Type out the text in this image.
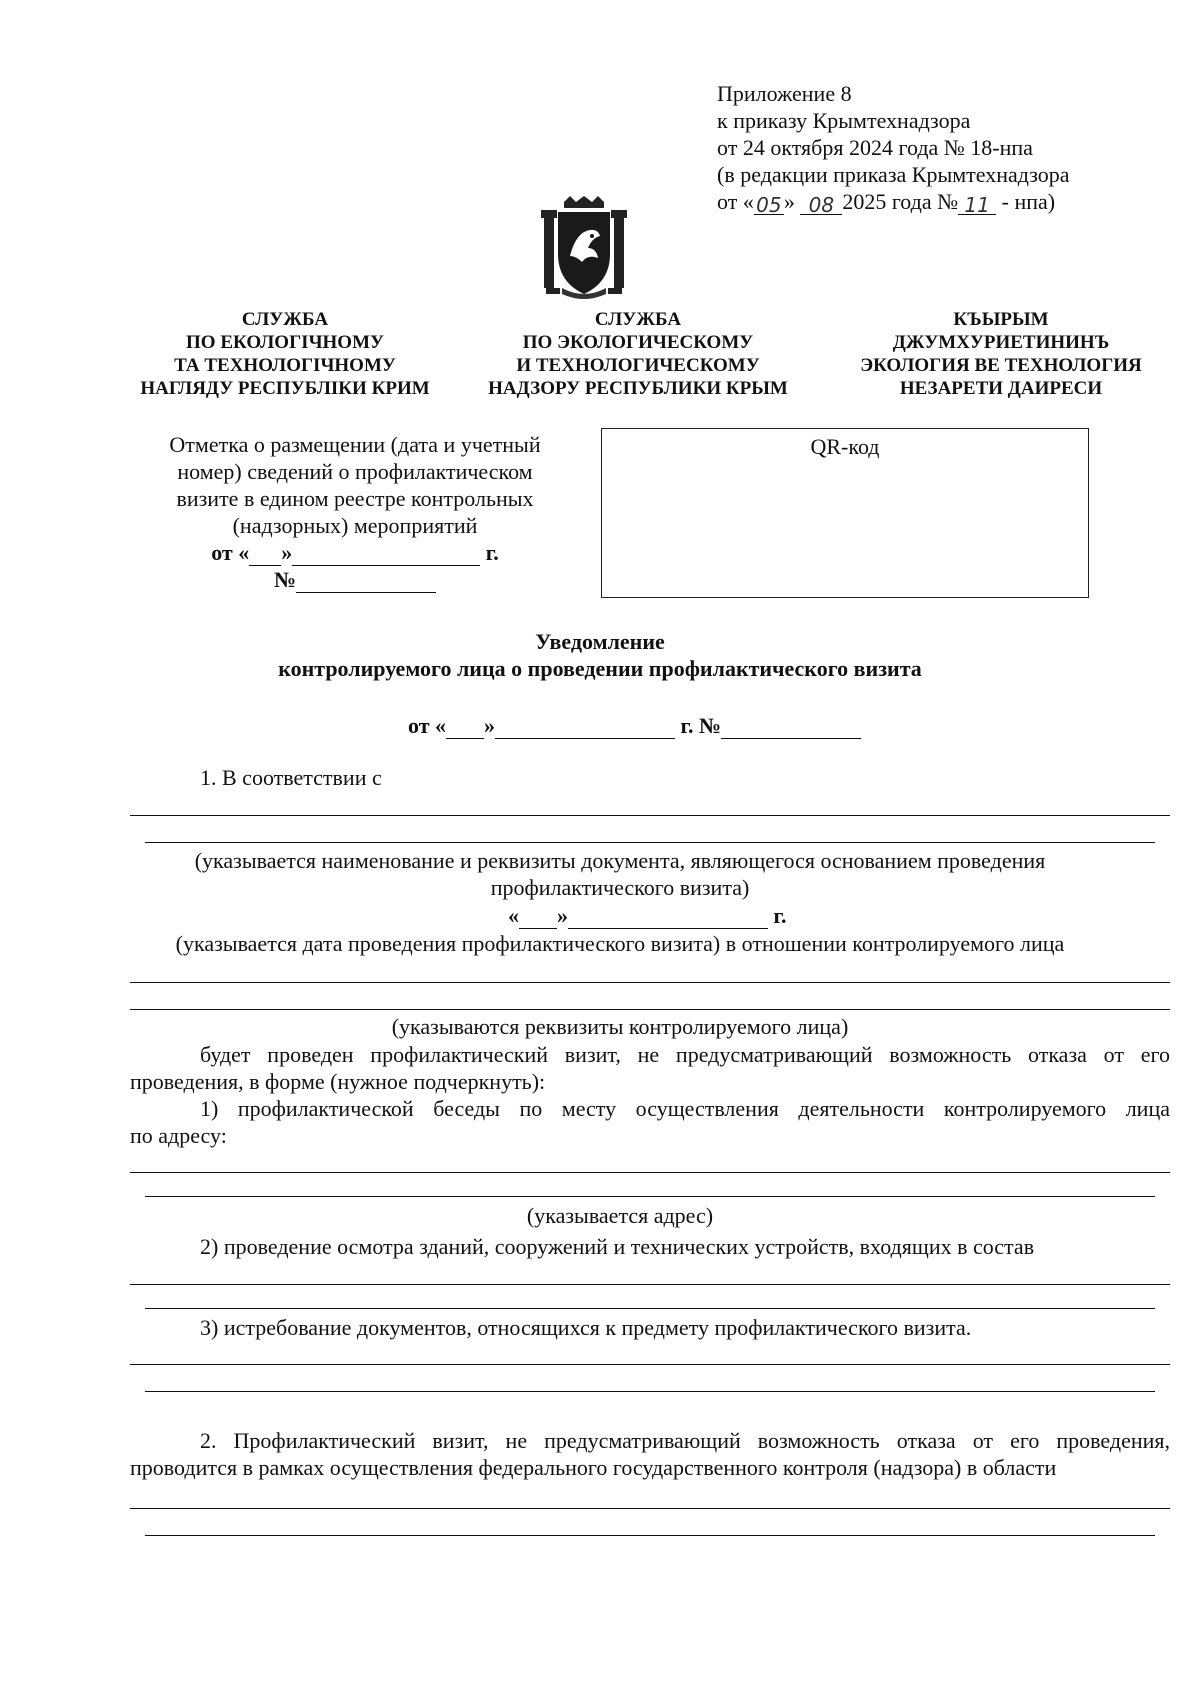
Приложение 8
к приказу Крымтехнадзора
от 24 октября 2024 года № 18-нпа
(в редакции приказа Крымтехнадзора
от « 05 » 08 2025 года № 11 - нпа)
СЛУЖБА
ПО ЕКОЛОГІЧНОМУ
ТА ТЕХНОЛОГІЧНОМУ
НАГЛЯДУ РЕСПУБЛІКИ КРИМ
СЛУЖБА
ПО ЭКОЛОГИЧЕСКОМУ
И ТЕХНОЛОГИЧЕСКОМУ
НАДЗОРУ РЕСПУБЛИКИ КРЫМ
КЪЫРЫМ
ДЖУМХУРИЕТИНИНЪ
ЭКОЛОГИЯ ВЕ ТЕХНОЛОГИЯ
НЕЗАРЕТИ ДАИРЕСИ
Отметка о размещении (дата и учетный
номер) сведений о профилактическом
визите в едином реестре контрольных
(надзорных) мероприятий
от « »	г.
№
QR-код
Уведомление
контролируемого лица о проведении профилактического визита
от « »	г. №
1. В соответствии с
(указывается наименование и реквизиты документа, являющегося основанием проведения
профилактического визита)
« »	г.
(указывается дата проведения профилактического визита) в отношении контролируемого лица
(указываются реквизиты контролируемого лица)
будет проведен профилактический визит, не предусматривающий возможность отказа от его
проведения, в форме (нужное подчеркнуть):
1) профилактической беседы по месту осуществления деятельности контролируемого лица
по адресу:
(указывается адрес)
2) проведение осмотра зданий, сооружений и технических устройств, входящих в состав
3) истребование документов, относящихся к предмету профилактического визита.
2. Профилактический визит, не предусматривающий возможность отказа от его проведения,
проводится в рамках осуществления федерального государственного контроля (надзора) в области
